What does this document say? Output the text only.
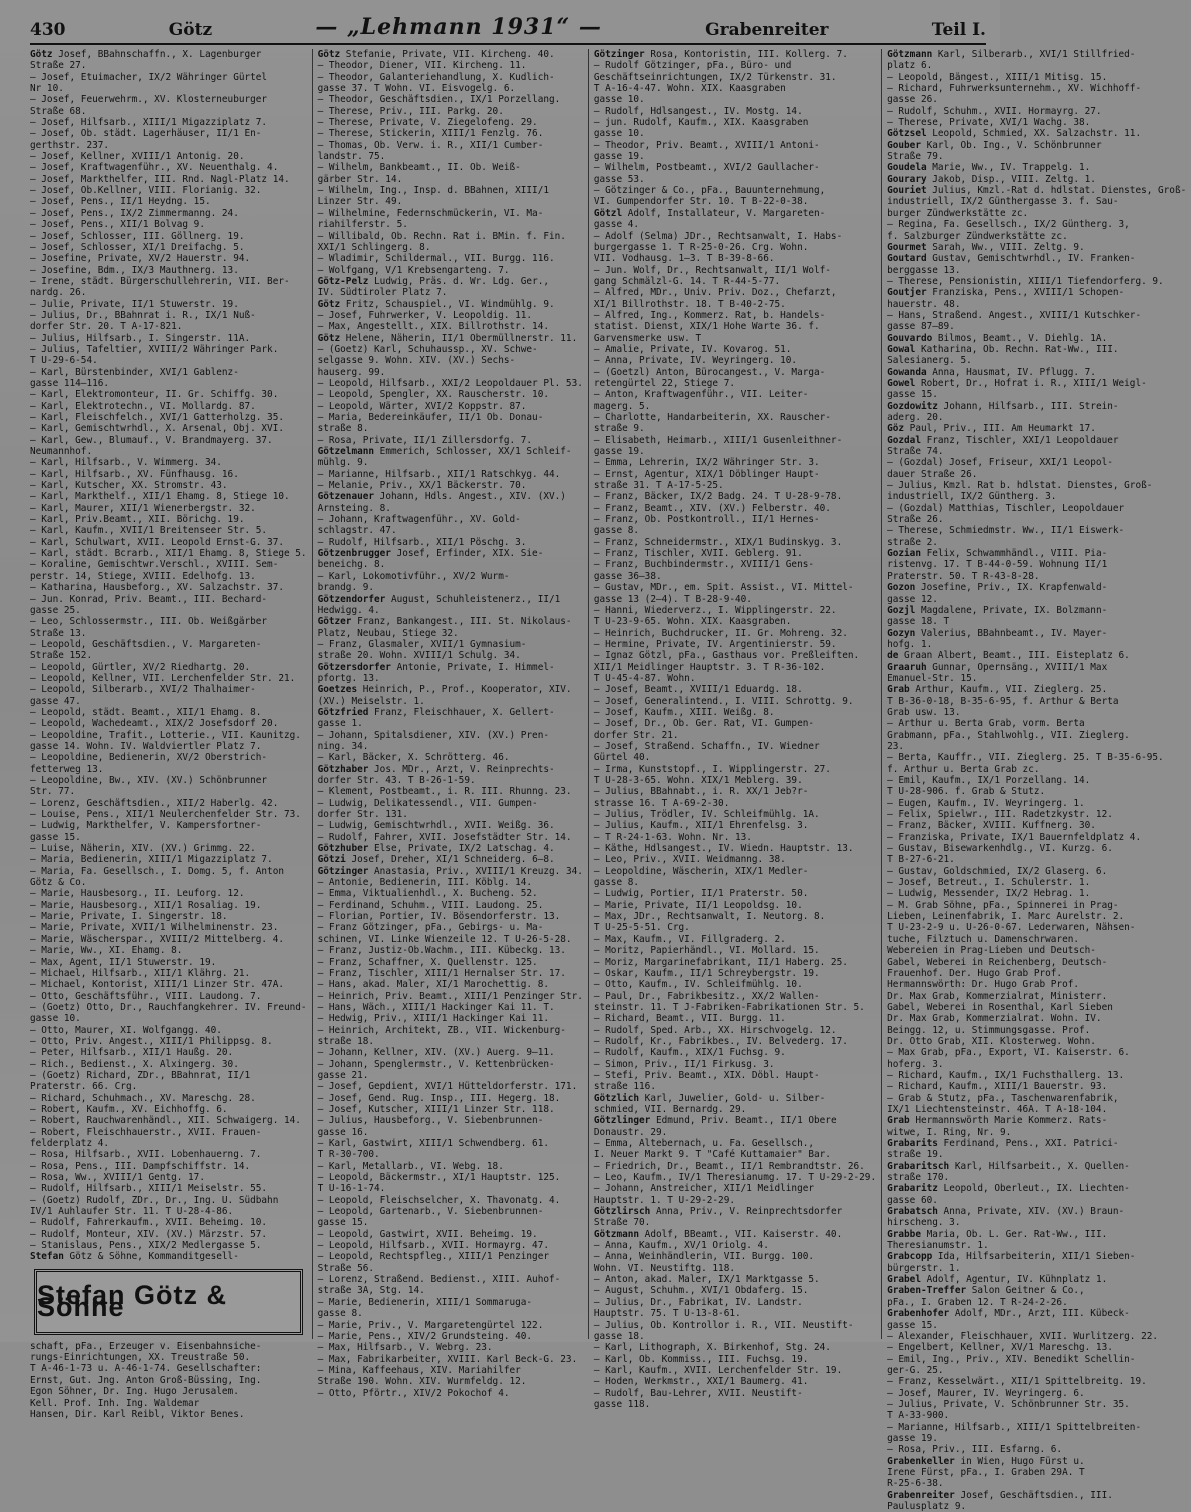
430	Götz	— „Lehmann 1931“ —	Grabenreiter	Teil I.
Götz Josef, BBahnschaffn., X. Lagenburger
Straße 27.
— Josef, Etuimacher, IX/2 Währinger Gürtel
Nr 10.
— Josef, Feuerwehrm., XV. Klosterneuburger
Straße 68.
— Josef, Hilfsarb., XIII/1 Migazziplatz 7.
— Josef, Ob. städt. Lagerhäuser, II/1 En-
gerthstr. 237.
— Josef, Kellner, XVIII/1 Antonig. 20.
— Josef, Kraftwagenführ., XV. Neuenthalg. 4.
— Josef, Markthelfer, III. Rnd. Nagl-Platz 14.
— Josef, Ob.Kellner, VIII. Florianig. 32.
— Josef, Pens., II/1 Heydng. 15.
— Josef, Pens., IX/2 Zimmermanng. 24.
— Josef, Pens., XII/1 Bolvag 9.
— Josef, Schlosser, III. Göllnerg. 19.
— Josef, Schlosser, XI/1 Dreifachg. 5.
— Josefine, Private, XV/2 Hauerstr. 94.
— Josefine, Bdm., IX/3 Mauthnerg. 13.
— Irene, städt. Bürgerschullehrerin, VII. Ber-
nardg. 26.
— Julie, Private, II/1 Stuwerstr. 19.
— Julius, Dr., BBahnrat i. R., IX/1 Nuß-
dorfer Str. 20. T A-17-821.
— Julius, Hilfsarb., I. Singerstr. 11A.
— Julius, Tafeltier, XVIII/2 Währinger Park.
T U-29-6-54.
— Karl, Bürstenbinder, XVI/1 Gablenz-
gasse 114—116.
— Karl, Elektromonteur, II. Gr. Schiffg. 30.
— Karl, Elektrotechn., VI. Mollardg. 87.
— Karl, Fleischfelch., XVI/1 Gatterholzg. 35.
— Karl, Gemischtwrhdl., X. Arsenal, Obj. XVI.
— Karl, Gew., Blumauf., V. Brandmayerg. 37.
Neumannhof.
— Karl, Hilfsarb., V. Wimmerg. 34.
— Karl, Hilfsarb., XV. Fünfhausg. 16.
— Karl, Kutscher, XX. Stromstr. 43.
— Karl, Markthelf., XII/1 Ehamg. 8, Stiege 10.
— Karl, Maurer, XII/1 Wienerbergstr. 32.
— Karl, Priv.Beamt., XII. Börichg. 19.
— Karl, Kaufm., XVII/1 Breitenseer Str. 5.
— Karl, Schulwart, XVII. Leopold Ernst-G. 37.
— Karl, städt. Bcrarb., XII/1 Ehamg. 8, Stiege 5.
— Koraline, Gemischtwr.Verschl., XVIII. Sem-
perstr. 14, Stiege, XVIII. Edelhofg. 13.
— Katharina, Hausbeforg., XV. Salzachstr. 37.
— Jun. Konrad, Priv. Beamt., III. Bechard-
gasse 25.
— Leo, Schlossermstr., III. Ob. Weißgärber
Straße 13.
— Leopold, Geschäftsdien., V. Margareten-
Straße 152.
— Leopold, Gürtler, XV/2 Riedhartg. 20.
— Leopold, Kellner, VII. Lerchenfelder Str. 21.
— Leopold, Silberarb., XVI/2 Thalhaimer-
gasse 47.
— Leopold, städt. Beamt., XII/1 Ehamg. 8.
— Leopold, Wachedeamt., XIX/2 Josefsdorf 20.
— Leopoldine, Trafit., Lotterie., VII. Kaunitzg.
gasse 14. Wohn. IV. Waldviertler Platz 7.
— Leopoldine, Bedienerin, XV/2 Oberstrich-
fetterweg 13.
— Leopoldine, Bw., XIV. (XV.) Schönbrunner
Str. 77.
— Lorenz, Geschäftsdien., XII/2 Haberlg. 42.
— Louise, Pens., XII/1 Neulerchenfelder Str. 73.
— Ludwig, Markthelfer, V. Kampersfortner-
gasse 15.
— Luise, Näherin, XIV. (XV.) Grimmg. 22.
— Maria, Bedienerin, XIII/1 Migazziplatz 7.
— Maria, Fa. Gesellsch., I. Domg. 5, f. Anton
Götz & Co.
— Marie, Hausbesorg., II. Leuforg. 12.
— Marie, Hausbesorg., XII/1 Rosaliag. 19.
— Marie, Private, I. Singerstr. 18.
— Marie, Private, XVII/1 Wilhelminenstr. 23.
— Marie, Wäscherspar., XVIII/2 Mittelberg. 4.
— Marie, Ww., XI. Ehamg. 8.
— Max, Agent, II/1 Stuwerstr. 19.
— Michael, Hilfsarb., XII/1 Klährg. 21.
— Michael, Kontorist, XIII/1 Linzer Str. 47A.
— Otto, Geschäftsführ., VIII. Laudong. 7.
— (Goetz) Otto, Dr., Rauchfangkehrer. IV. Freund-
gasse 10.
— Otto, Maurer, XI. Wolfgangg. 40.
— Otto, Priv. Angest., XIII/1 Philippsg. 8.
— Peter, Hilfsarb., XII/1 Haußg. 20.
— Rich., Bedienst., X. Alxingerg. 30.
— (Goetz) Richard, ZDr., BBahnrat, II/1
Praterstr. 66. Crg.
— Richard, Schuhmach., XV. Mareschg. 28.
— Robert, Kaufm., XV. Eichhoffg. 6.
— Robert, Rauchwarenhändl., XII. Schwaigerg. 14.
— Robert, Fleischhauerstr., XVII. Frauen-
felderplatz 4.
— Rosa, Hilfsarb., XVII. Lobenhauerng. 7.
— Rosa, Pens., III. Dampfschiffstr. 14.
— Rosa, Ww., XVIII/1 Gentg. 17.
— Rudolf, Hilfsarb., XIII/1 Meiselstr. 55.
— (Goetz) Rudolf, ZDr., Dr., Ing. U. Südbahn
IV/1 Auhlaufer Str. 11. T U-28-4-86.
— Rudolf, Fahrerkaufm., XVII. Beheimg. 10.
— Rudolf, Monteur, XIV. (XV.) Märzstr. 57.
— Stanislaus, Pens., XIX/2 Medlergasse 5.
Stefan Götz & Söhne, Kommanditgesell-
Stefan Götz & Söhne
schaft, pFa., Erzeuger v. Eisenbahnsiche-
rungs-Einrichtungen, XX. Treustraße 50.
T A-46-1-73 u. A-46-1-74. Gesellschafter:
Ernst, Gut. Jng. Anton Groß-Büssing, Ing.
Egon Söhner, Dr. Ing. Hugo Jerusalem.
Kell. Prof. Inh. Ing. Waldemar
Hansen, Dir. Karl Reibl, Viktor Benes.
Götz Stefanie, Private, VII. Kircheng. 40.
— Theodor, Diener, VII. Kircheng. 11.
— Theodor, Galanteriehandlung, X. Kudlich-
gasse 37. T Wohn. VI. Eisvogelg. 6.
— Theodor, Geschäftsdien., IX/1 Porzellang.
— Therese, Priv., III. Parkg. 20.
— Therese, Private, V. Ziegelofeng. 29.
— Therese, Stickerin, XIII/1 Fenzlg. 76.
— Thomas, Ob. Verw. i. R., XII/1 Cumber-
landstr. 75.
— Wilhelm, Bankbeamt., II. Ob. Weiß-
gärber Str. 14.
— Wilhelm, Ing., Insp. d. BBahnen, XIII/1
Linzer Str. 49.
— Wilhelmine, Federnschmückerin, VI. Ma-
riahilferstr. 5.
— Willibald, Ob. Rechn. Rat i. BMin. f. Fin.
XXI/1 Schlingerg. 8.
— Wladimir, Schildermal., VII. Burgg. 116.
— Wolfgang, V/1 Krebsengarteng. 7.
Götz-Pelz Ludwig, Präs. d. Wr. Ldg. Ger.,
IV. Südtiroler Platz 7.
Götz Fritz, Schauspiel., VI. Windmühlg. 9.
— Josef, Fuhrwerker, V. Leopoldig. 11.
— Max, Angestellt., XIX. Billrothstr. 14.
Götz Helene, Näherin, II/1 Obermüllnerstr. 11.
— (Goetz) Karl, Schuhaussp., XV. Schwe-
selgasse 9. Wohn. XIV. (XV.) Sechs-
hauserg. 99.
— Leopold, Hilfsarb., XXI/2 Leopoldauer Pl. 53.
— Leopold, Spengler, XX. Rauscherstr. 10.
— Leopold, Wärter, XVI/2 Koppstr. 87.
— Maria, Bedereinkäufer, II/1 Ob. Donau-
straße 8.
— Rosa, Private, II/1 Zillersdorfg. 7.
Götzelmann Emmerich, Schlosser, XX/1 Schleif-
mühlg. 9.
— Marianne, Hilfsarb., XII/1 Ratschkyg. 44.
— Melanie, Priv., XX/1 Bäckerstr. 70.
Götzenauer Johann, Hdls. Angest., XIV. (XV.)
Arnsteing. 8.
— Johann, Kraftwagenführ., XV. Gold-
schlagstr. 47.
— Rudolf, Hilfsarb., XII/1 Pöschg. 3.
Götzenbrugger Josef, Erfinder, XIX. Sie-
beneichg. 8.
— Karl, Lokomotivführ., XV/2 Wurm-
brandg. 9.
Götzendorfer August, Schuhleistenerz., II/1
Hedwigg. 4.
Götzer Franz, Bankangest., III. St. Nikolaus-
Platz, Neubau, Stiege 32.
— Franz, Glasmaler, XVII/1 Gymnasium-
straße 20. Wohn. XVIII/1 Schulg. 34.
Götzersdorfer Antonie, Private, I. Himmel-
pfortg. 13.
Goetzes Heinrich, P., Prof., Kooperator, XIV.
(XV.) Meiselstr. 1.
Götzfried Franz, Fleischhauer, X. Gellert-
gasse 1.
— Johann, Spitalsdiener, XIV. (XV.) Pren-
ning. 34.
— Karl, Bäcker, X. Schrötterg. 46.
Götzhaber Jos. MDr., Arzt, V. Reinprechts-
dorfer Str. 43. T B-26-1-59.
— Klement, Postbeamt., i. R. III. Rhunng. 23.
— Ludwig, Delikatessendl., VII. Gumpen-
dorfer Str. 131.
— Ludwig, Gemischtwrhdl., XVII. Weißg. 36.
— Rudolf, Fahrer, XVII. Josefstädter Str. 14.
Götzhuber Else, Private, IX/2 Latschag. 4.
Götzi Josef, Dreher, XI/1 Schneiderg. 6—8.
Götzinger Anastasia, Priv., XVIII/1 Kreuzg. 34.
— Antonie, Bedienerin, III. Köblg. 14.
— Emma, Viktualienhdl., X. Bucheng. 52.
— Ferdinand, Schuhm., VIII. Laudong. 25.
— Florian, Portier, IV. Bösendorferstr. 13.
— Franz Götzinger, pFa., Gebirgs- u. Ma-
schinen, VI. Linke Wienzeile 12. T U-26-5-28.
— Franz, Justiz-Ob.Wachm., III. Kübeckg. 13.
— Franz, Schaffner, X. Quellenstr. 125.
— Franz, Tischler, XIII/1 Hernalser Str. 17.
— Hans, akad. Maler, XI/1 Marochettig. 8.
— Heinrich, Priv. Beamt., XIII/1 Penzinger Str.
— Hans, Wäch., XIII/1 Hackinger Kai 11. T.
— Hedwig, Priv., XIII/1 Hackinger Kai 11.
— Heinrich, Architekt, ZB., VII. Wickenburg-
straße 18.
— Johann, Kellner, XIV. (XV.) Auerg. 9—11.
— Johann, Spenglermstr., V. Kettenbrücken-
gasse 21.
— Josef, Gepdient, XVI/1 Hütteldorferstr. 171.
— Josef, Gend. Rug. Insp., III. Hegerg. 18.
— Josef, Kutscher, XIII/1 Linzer Str. 118.
— Julius, Hausbeforg., V. Siebenbrunnen-
gasse 16.
— Karl, Gastwirt, XIII/1 Schwendberg. 61.
T R-30-700.
— Karl, Metallarb., VI. Webg. 18.
— Leopold, Bäckermstr., XI/1 Hauptstr. 125.
T U-16-1-74.
— Leopold, Fleischselcher, X. Thavonatg. 4.
— Leopold, Gartenarb., V. Siebenbrunnen-
gasse 15.
— Leopold, Gastwirt, XVII. Beheimg. 19.
— Leopold, Hilfsarb., XVII. Hormayrg. 47.
— Leopold, Rechtspfleg., XIII/1 Penzinger
Straße 56.
— Lorenz, Straßend. Bedienst., XIII. Auhof-
straße 3A, Stg. 14.
— Marie, Bedienerin, XIII/1 Sommaruga-
gasse 8.
— Marie, Priv., V. Margaretengürtel 122.
— Marie, Pens., XIV/2 Grundsteing. 40.
— Max, Hilfsarb., V. Webrg. 23.
— Max, Fabrikarbeiter, XVIII. Karl Beck-G. 23.
— Mina, Kaffeehaus, XIV. Mariahilfer
Straße 190. Wohn. XIV. Wurmfeldg. 12.
— Otto, Pförtr., XIV/2 Pokochof 4.
Götzinger Rosa, Kontoristin, III. Kollerg. 7.
— Rudolf Götzinger, pFa., Büro- und
Geschäftseinrichtungen, IX/2 Türkenstr. 31.
T A-16-4-47. Wohn. XIX. Kaasgraben
gasse 10.
— Rudolf, Hdlsangest., IV. Mostg. 14.
— jun. Rudolf, Kaufm., XIX. Kaasgraben
gasse 10.
— Theodor, Priv. Beamt., XVIII/1 Antoni-
gasse 19.
— Wilhelm, Postbeamt., XVI/2 Gaullacher-
gasse 53.
— Götzinger & Co., pFa., Bauunternehmung,
VI. Gumpendorfer Str. 10. T B-22-0-38.
Götzl Adolf, Installateur, V. Margareten-
gasse 4.
— Adolf (Selma) JDr., Rechtsanwalt, I. Habs-
burgergasse 1. T R-25-0-26. Crg. Wohn.
VII. Vodhausg. 1—3. T B-39-8-66.
— Jun. Wolf, Dr., Rechtsanwalt, II/1 Wolf-
gang Schmälzl-G. 14. T R-44-5-77.
— Alfred, MDr., Univ. Priv. Doz., Chefarzt,
XI/1 Billrothstr. 18. T B-40-2-75.
— Alfred, Ing., Kommerz. Rat, b. Handels-
statist. Dienst, XIX/1 Hohe Warte 36. f.
Garvensmerke usw. T
— Amalie, Private, IV. Kovarog. 51.
— Anna, Private, IV. Weyringerg. 10.
— (Goetzl) Anton, Bürocangest., V. Marga-
retengürtel 22, Stiege 7.
— Anton, Kraftwagenführ., VII. Leiter-
magerg. 5.
— Charlotte, Handarbeiterin, XX. Rauscher-
straße 9.
— Elisabeth, Heimarb., XIII/1 Gusenleithner-
gasse 19.
— Emma, Lehrerin, IX/2 Währinger Str. 3.
— Ernst, Agentur, XIX/1 Döblinger Haupt-
straße 31. T A-17-5-25.
— Franz, Bäcker, IX/2 Badg. 24. T U-28-9-78.
— Franz, Beamt., XIV. (XV.) Felberstr. 40.
— Franz, Ob. Postkontroll., II/1 Hernes-
gasse 8.
— Franz, Schneidermstr., XIX/1 Budinskyg. 3.
— Franz, Tischler, XVII. Geblerg. 91.
— Franz, Buchbindermstr., XVIII/1 Gens-
gasse 36—38.
— Gustav, MDr., em. Spit. Assist., VI. Mittel-
gasse 13 (2—4). T B-28-9-40.
— Hanni, Wiederverz., I. Wipplingerstr. 22.
T U-23-9-65. Wohn. XIX. Kaasgraben.
— Heinrich, Buchdrucker, II. Gr. Mohreng. 32.
— Hermine, Private, IV. Argentinierstr. 59.
— Ignaz Götzl, pFa., Gasthaus vor. Preßleiften.
XII/1 Meidlinger Hauptstr. 3. T R-36-102.
T U-45-4-87. Wohn.
— Josef, Beamt., XVIII/1 Eduardg. 18.
— Josef, Generalintend., I. VIII. Schrottg. 9.
— Josef, Kaufm., XIII. Weißg. 8.
— Josef, Dr., Ob. Ger. Rat, VI. Gumpen-
dorfer Str. 21.
— Josef, Straßend. Schaffn., IV. Wiedner
Gürtel 40.
— Irma, Kunststopf., I. Wipplingerstr. 27.
T U-28-3-65. Wohn. XIX/1 Meblerg. 39.
— Julius, BBahnabt., i. R. XX/1 Jeb?r-
strasse 16. T A-69-2-30.
— Julius, Trödler, IV. Schleifmühlg. 1A.
— Julius, Kaufm., XII/1 Ehrenfelsg. 3.
— T R-24-1-63. Wohn. Nr. 13.
— Käthe, Hdlsangest., IV. Wiedn. Hauptstr. 13.
— Leo, Priv., XVII. Weidmanng. 38.
— Leopoldine, Wäscherin, XIX/1 Medler-
gasse 8.
— Ludwig, Portier, II/1 Praterstr. 50.
— Marie, Private, II/1 Leopoldsg. 10.
— Max, JDr., Rechtsanwalt, I. Neutorg. 8.
T U-25-5-51. Crg.
— Max, Kaufm., VI. Fillgraderg. 2.
— Moritz, Papierhändl., VI. Mollard. 15.
— Moriz, Margarinefabrikant, II/1 Haberg. 25.
— Oskar, Kaufm., II/1 Schreybergstr. 19.
— Otto, Kaufm., IV. Schleifmühlg. 10.
— Paul, Dr., Fabrikbesitz., XX/2 Wallen-
steinstr. 11. T J-Fabriken-Fabrikationen Str. 5.
— Richard, Beamt., VII. Burgg. 11.
— Rudolf, Sped. Arb., XX. Hirschvogelg. 12.
— Rudolf, Kr., Fabrikbes., IV. Belvederg. 17.
— Rudolf, Kaufm., XIX/1 Fuchsg. 9.
— Simon, Priv., II/1 Firkusg. 3.
— Stefi, Priv. Beamt., XIX. Döbl. Haupt-
straße 116.
Götzlich Karl, Juwelier, Gold- u. Silber-
schmied, VII. Bernardg. 29.
Götzlinger Edmund, Priv. Beamt., II/1 Obere
Donaustr. 29.
— Emma, Altebernach, u. Fa. Gesellsch.,
I. Neuer Markt 9. T "Café Kuttamaier" Bar.
— Friedrich, Dr., Beamt., II/1 Rembrandtstr. 26.
— Leo, Kaufm., IV/1 Theresianumg. 17. T U-29-2-29.
— Johann, Anstreicher, XII/1 Meidlinger
Hauptstr. 1. T U-29-2-29.
Götzlirsch Anna, Priv., V. Reinprechtsdorfer
Straße 70.
Götzmann Adolf, BBeamt., VII. Kaiserstr. 40.
— Anna, Kaufm., XV/1 Oriolg. 4.
— Anna, Weinhändlerin, VII. Burgg. 100.
Wohn. VI. Neustiftg. 118.
— Anton, akad. Maler, IX/1 Marktgasse 5.
— August, Schuhm., XVI/1 Obdaferg. 15.
— Julius, Dr., Fabrikat, IV. Landstr.
Hauptstr. 75. T U-13-8-61.
— Julius, Ob. Kontrollor i. R., VII. Neustift-
gasse 18.
— Karl, Lithograph, X. Birkenhof, Stg. 24.
— Karl, Ob. Kommiss., III. Fuchsg. 19.
— Karl, Kaufm., XVII. Lerchenfelder Str. 19.
— Hoden, Werkmstr., XXI/1 Baumerg. 41.
— Rudolf, Bau-Lehrer, XVII. Neustift-
gasse 118.
Götzmann Karl, Silberarb., XVI/1 Stillfried-
platz 6.
— Leopold, Bängest., XIII/1 Mitisg. 15.
— Richard, Fuhrwerksunternehm., XV. Wichhoff-
gasse 26.
— Rudolf, Schuhm., XVII. Hormayrg. 27.
— Therese, Private, XVI/1 Wachg. 38.
Götzsel Leopold, Schmied, XX. Salzachstr. 11.
Gouber Karl, Ob. Ing., V. Schönbrunner
Straße 79.
Goudela Marie, Ww., IV. Trappelg. 1.
Gourary Jakob, Disp., VIII. Zeltg. 1.
Gouriet Julius, Kmzl.-Rat d. hdlstat. Dienstes, Groß-
industriell, IX/2 Günthergasse 3. f. Sau-
burger Zündwerkstätte zc.
— Regina, Fa. Gesellsch., IX/2 Güntherg. 3,
f. Salzburger Zündwerkstätte zc.
Gourmet Sarah, Ww., VIII. Zeltg. 9.
Goutard Gustav, Gemischtwrhdl., IV. Franken-
berggasse 13.
— Therese, Pensionistin, XIII/1 Tiefendorferg. 9.
Goutjer Franziska, Pens., XVIII/1 Schopen-
hauerstr. 48.
— Hans, Straßend. Angest., XVIII/1 Kutschker-
gasse 87—89.
Gouvardo Bilmos, Beamt., V. Diehlg. 1A.
Gowal Katharina, Ob. Rechn. Rat-Ww., III.
Salesianerg. 5.
Gowanda Anna, Hausmat, IV. Pflugg. 7.
Gowel Robert, Dr., Hofrat i. R., XIII/1 Weigl-
gasse 15.
Gozdowitz Johann, Hilfsarb., III. Strein-
aderg. 20.
Göz Paul, Priv., III. Am Heumarkt 17.
Gozdal Franz, Tischler, XXI/1 Leopoldauer
Straße 74.
— (Gozdal) Josef, Friseur, XXI/1 Leopol-
dauer Straße 26.
— Julius, Kmzl. Rat b. hdlstat. Dienstes, Groß-
industriell, IX/2 Güntherg. 3.
— (Gozdal) Matthias, Tischler, Leopoldauer
Straße 26.
— Therese, Schmiedmstr. Ww., II/1 Eiswerk-
straße 2.
Gozian Felix, Schwammhändl., VIII. Pia-
ristenvg. 17. T B-44-0-59. Wohnung II/1
Praterstr. 50. T R-43-8-28.
Gozon Josefine, Priv., IX. Krapfenwald-
gasse 12.
Gozjl Magdalene, Private, IX. Bolzmann-
gasse 18. T
Gozyn Valerius, BBahnbeamt., IV. Mayer-
hofg. 1.
de Graan Albert, Beamt., III. Eisteplatz 6.
Graaruh Gunnar, Opernsäng., XVIII/1 Max
Emanuel-Str. 15.
Grab Arthur, Kaufm., VII. Zieglerg. 25.
T B-36-0-18, B-35-6-95, f. Arthur & Berta
Grab usw. 13.
— Arthur u. Berta Grab, vorm. Berta
Grabmann, pFa., Stahlwohlg., VII. Zieglerg.
23.
— Berta, Kauffr., VII. Zieglerg. 25. T B-35-6-95.
f. Arthur u. Berta Grab zc.
— Emil, Kaufm., IX/1 Porzellang. 14.
T U-28-906. f. Grab & Stutz.
— Eugen, Kaufm., IV. Weyringerg. 1.
— Felix, Spielwr., III. Radetzkystr. 12.
— Franz, Bäcker, XVIII. Kuffnerg. 30.
— Franziska, Private, IX/1 Bauernfeldplatz 4.
— Gustav, Bisewarkenhdlg., VI. Kurzg. 6.
T B-27-6-21.
— Gustav, Goldschmied, IX/2 Glaserg. 6.
— Josef, Betreut., I. Schulerstr. 1.
— Ludwig, Messender, IX/2 Hebrag. 1.
— M. Grab Söhne, pFa., Spinnerei in Prag-
Lieben, Leinenfabrik, I. Marc Aurelstr. 2.
T U-23-2-9 u. U-26-0-67. Lederwaren, Nähsen-
tuche, Filztuch u. Damenschrwaren.
Webereien in Prag-Lieben und Deutsch-
Gabel, Weberei in Reichenberg, Deutsch-
Frauenhof. Der. Hugo Grab Prof.
Hermannswörth: Dr. Hugo Grab Prof.
Dr. Max Grab, Kommerzialrat, Ministerr.
Gabel, Weberei in Rosenthal, Karl Sieben
Dr. Max Grab, Kommerzialrat. Wohn. IV.
Beingg. 12, u. Stimmungsgasse. Prof.
Dr. Otto Grab, XII. Klosterweg. Wohn.
— Max Grab, pFa., Export, VI. Kaiserstr. 6.
hoferg. 3.
— Richard, Kaufm., IX/1 Fuchsthallerg. 13.
— Richard, Kaufm., XIII/1 Bauerstr. 93.
— Grab & Stutz, pFa., Taschenwarenfabrik,
IX/1 Liechtensteinstr. 46A. T A-18-104.
Grab Hermannswörth Marie Kommerz. Rats-
witwe, I. Ring, Nr. 9.
Grabarits Ferdinand, Pens., XXI. Patrici-
straße 19.
Grabaritsch Karl, Hilfsarbeit., X. Quellen-
straße 170.
Grabaritz Leopold, Oberleut., IX. Liechten-
gasse 60.
Grabatsch Anna, Private, XIV. (XV.) Braun-
hirscheng. 3.
Grabbe Maria, Ob. L. Ger. Rat-Ww., III.
Theresianumstr. 1.
Grabcopp Ida, Hilfsarbeiterin, XII/1 Sieben-
bürgerstr. 1.
Grabel Adolf, Agentur, IV. Kühnplatz 1.
Graben-Treffer Salon Geitner & Co.,
pFa., I. Graben 12. T R-24-2-26.
Grabenhofer Adolf, MDr., Arzt, III. Kübeck-
gasse 15.
— Alexander, Fleischhauer, XVII. Wurlitzerg. 22.
— Engelbert, Kellner, XV/1 Mareschg. 13.
— Emil, Ing., Priv., XIV. Benedikt Schellin-
ger-G. 25.
— Franz, Kesselwärt., XII/1 Spittelbreitg. 19.
— Josef, Maurer, IV. Weyringerg. 6.
— Julius, Private, V. Schönbrunner Str. 35.
T A-33-900.
— Marianne, Hilfsarb., XIII/1 Spittelbreiten-
gasse 19.
— Rosa, Priv., III. Esfarng. 6.
Grabenkeller in Wien, Hugo Fürst u.
Irene Fürst, pFa., I. Graben 29A. T
R-25-6-38.
Grabenreiter Josef, Geschäftsdien., III.
Paulusplatz 9.
